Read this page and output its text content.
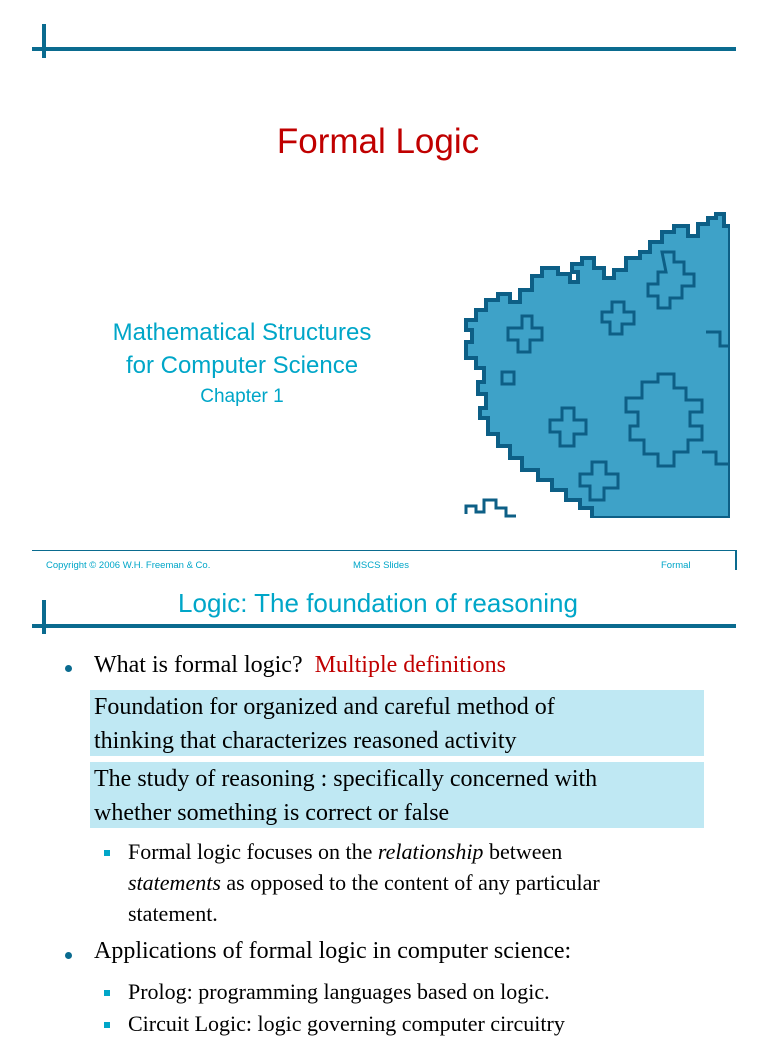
Formal Logic
Mathematical Structures
for Computer Science
Chapter 1
Copyright © 2006 W.H. Freeman & Co.	MSCS Slides	Formal
Logic: The foundation of reasoning
What is formal logic? Multiple definitions
Foundation for organized and careful method of
thinking that characterizes reasoned activity
The study of reasoning : specifically concerned with
whether something is correct or false
Formal logic focuses on the relationship between
statements as opposed to the content of any particular
statement.
Applications of formal logic in computer science:
Prolog: programming languages based on logic.
Circuit Logic: logic governing computer circuitry
